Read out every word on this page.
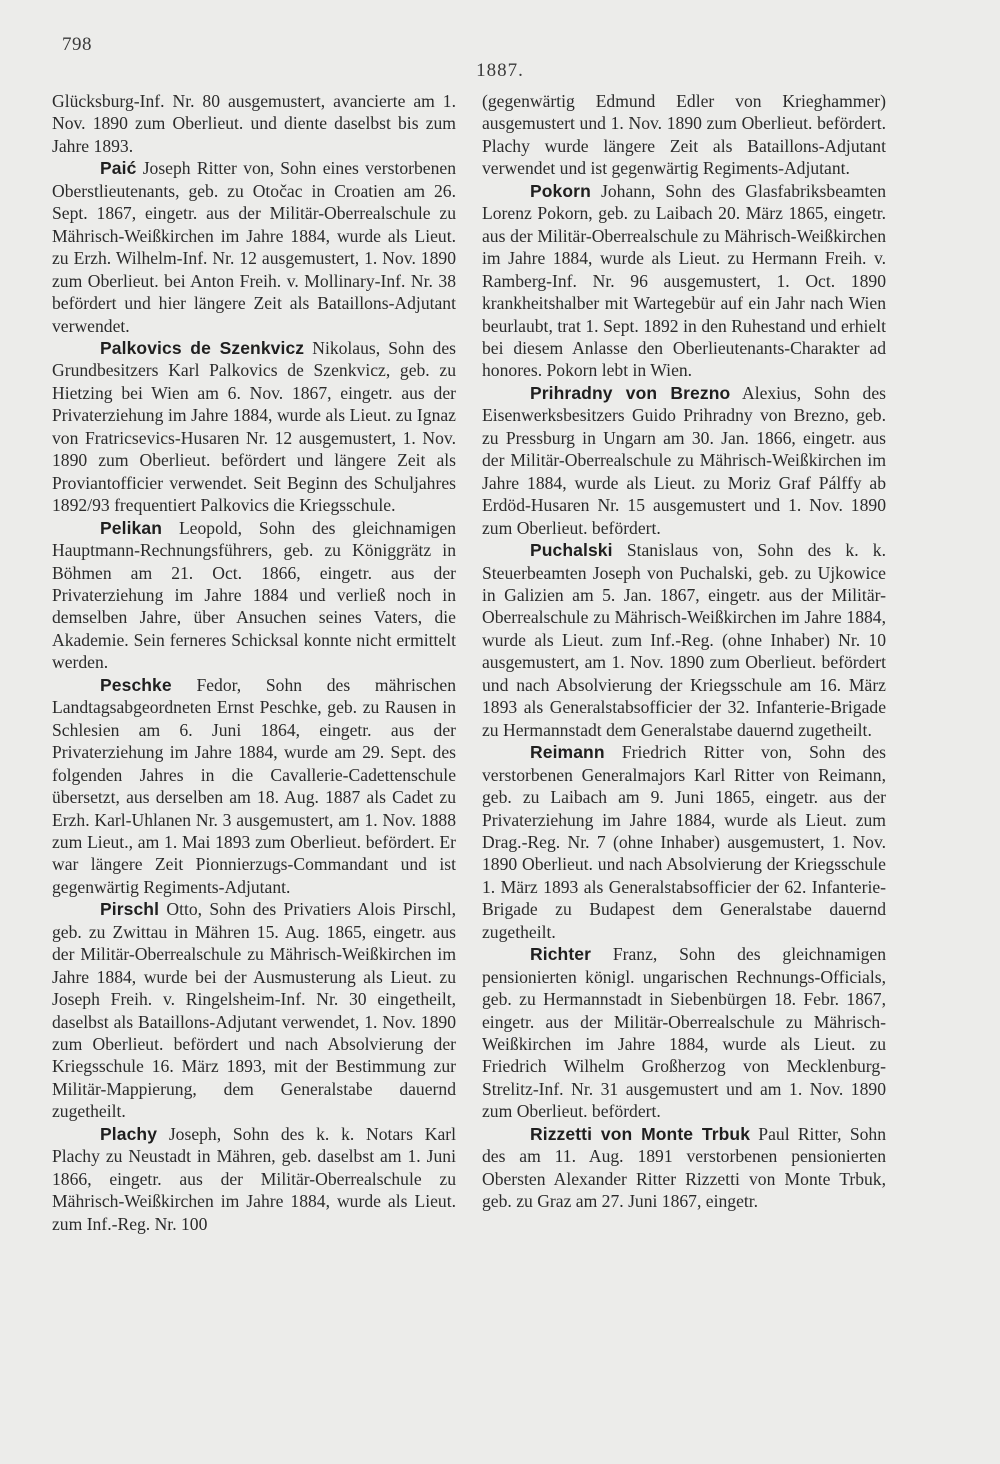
798
1887.

Glücksburg-Inf. Nr. 80 ausgemustert, avancierte am 1. Nov. 1890 zum Oberlieut. und diente daselbst bis zum Jahre 1893.

Paić Joseph Ritter von, Sohn eines verstorbenen Oberstlieutenants, geb. zu Otočac in Croatien am 26. Sept. 1867, eingetr. aus der Militär-Oberrealschule zu Mährisch-Weißkirchen im Jahre 1884, wurde als Lieut. zu Erzh. Wilhelm-Inf. Nr. 12 ausgemustert, 1. Nov. 1890 zum Oberlieut. bei Anton Freih. v. Mollinary-Inf. Nr. 38 befördert und hier längere Zeit als Bataillons-Adjutant verwendet.

Palkovics de Szenkvicz Nikolaus, Sohn des Grundbesitzers Karl Palkovics de Szenkvicz, geb. zu Hietzing bei Wien am 6. Nov. 1867, eingetr. aus der Privaterziehung im Jahre 1884, wurde als Lieut. zu Ignaz von Fratricsevics-Husaren Nr. 12 ausgemustert, 1. Nov. 1890 zum Oberlieut. befördert und längere Zeit als Proviantofficier verwendet. Seit Beginn des Schuljahres 1892/93 frequentiert Palkovics die Kriegsschule.

Pelikan Leopold, Sohn des gleichnamigen Hauptmann-Rechnungsführers, geb. zu Königgrätz in Böhmen am 21. Oct. 1866, eingetr. aus der Privaterziehung im Jahre 1884 und verließ noch in demselben Jahre, über Ansuchen seines Vaters, die Akademie. Sein ferneres Schicksal konnte nicht ermittelt werden.

Peschke Fedor, Sohn des mährischen Landtagsabgeordneten Ernst Peschke, geb. zu Rausen in Schlesien am 6. Juni 1864, eingetr. aus der Privaterziehung im Jahre 1884, wurde am 29. Sept. des folgenden Jahres in die Cavallerie-Cadettenschule übersetzt, aus derselben am 18. Aug. 1887 als Cadet zu Erzh. Karl-Uhlanen Nr. 3 ausgemustert, am 1. Nov. 1888 zum Lieut., am 1. Mai 1893 zum Oberlieut. befördert. Er war längere Zeit Pionnierzugs-Commandant und ist gegenwärtig Regiments-Adjutant.

Pirschl Otto, Sohn des Privatiers Alois Pirschl, geb. zu Zwittau in Mähren 15. Aug. 1865, eingetr. aus der Militär-Oberrealschule zu Mährisch-Weißkirchen im Jahre 1884, wurde bei der Ausmusterung als Lieut. zu Joseph Freih. v. Ringelsheim-Inf. Nr. 30 eingetheilt, daselbst als Bataillons-Adjutant verwendet, 1. Nov. 1890 zum Oberlieut. befördert und nach Absolvierung der Kriegsschule 16. März 1893, mit der Bestimmung zur Militär-Mappierung, dem Generalstabe dauernd zugetheilt.

Plachy Joseph, Sohn des k. k. Notars Karl Plachy zu Neustadt in Mähren, geb. daselbst am 1. Juni 1866, eingetr. aus der Militär-Oberrealschule zu Mährisch-Weißkirchen im Jahre 1884, wurde als Lieut. zum Inf.-Reg. Nr. 100

(gegenwärtig Edmund Edler von Krieghammer) ausgemustert und 1. Nov. 1890 zum Oberlieut. befördert. Plachy wurde längere Zeit als Bataillons-Adjutant verwendet und ist gegenwärtig Regiments-Adjutant.

Pokorn Johann, Sohn des Glasfabriksbeamten Lorenz Pokorn, geb. zu Laibach 20. März 1865, eingetr. aus der Militär-Oberrealschule zu Mährisch-Weißkirchen im Jahre 1884, wurde als Lieut. zu Hermann Freih. v. Ramberg-Inf. Nr. 96 ausgemustert, 1. Oct. 1890 krankheitshalber mit Wartegebür auf ein Jahr nach Wien beurlaubt, trat 1. Sept. 1892 in den Ruhestand und erhielt bei diesem Anlasse den Oberlieutenants-Charakter ad honores. Pokorn lebt in Wien.

Prihradny von Brezno Alexius, Sohn des Eisenwerksbesitzers Guido Prihradny von Brezno, geb. zu Pressburg in Ungarn am 30. Jan. 1866, eingetr. aus der Militär-Oberrealschule zu Mährisch-Weißkirchen im Jahre 1884, wurde als Lieut. zu Moriz Graf Pálffy ab Erdöd-Husaren Nr. 15 ausgemustert und 1. Nov. 1890 zum Oberlieut. befördert.

Puchalski Stanislaus von, Sohn des k. k. Steuerbeamten Joseph von Puchalski, geb. zu Ujkowice in Galizien am 5. Jan. 1867, eingetr. aus der Militär-Oberrealschule zu Mährisch-Weißkirchen im Jahre 1884, wurde als Lieut. zum Inf.-Reg. (ohne Inhaber) Nr. 10 ausgemustert, am 1. Nov. 1890 zum Oberlieut. befördert und nach Absolvierung der Kriegsschule am 16. März 1893 als Generalstabsofficier der 32. Infanterie-Brigade zu Hermannstadt dem Generalstabe dauernd zugetheilt.

Reimann Friedrich Ritter von, Sohn des verstorbenen Generalmajors Karl Ritter von Reimann, geb. zu Laibach am 9. Juni 1865, eingetr. aus der Privaterziehung im Jahre 1884, wurde als Lieut. zum Drag.-Reg. Nr. 7 (ohne Inhaber) ausgemustert, 1. Nov. 1890 Oberlieut. und nach Absolvierung der Kriegsschule 1. März 1893 als Generalstabsofficier der 62. Infanterie-Brigade zu Budapest dem Generalstabe dauernd zugetheilt.

Richter Franz, Sohn des gleichnamigen pensionierten königl. ungarischen Rechnungs-Officials, geb. zu Hermannstadt in Siebenbürgen 18. Febr. 1867, eingetr. aus der Militär-Oberrealschule zu Mährisch-Weißkirchen im Jahre 1884, wurde als Lieut. zu Friedrich Wilhelm Großherzog von Mecklenburg-Strelitz-Inf. Nr. 31 ausgemustert und am 1. Nov. 1890 zum Oberlieut. befördert.

Rizzetti von Monte Trbuk Paul Ritter, Sohn des am 11. Aug. 1891 verstorbenen pensionierten Obersten Alexander Ritter Rizzetti von Monte Trbuk, geb. zu Graz am 27. Juni 1867, eingetr.
